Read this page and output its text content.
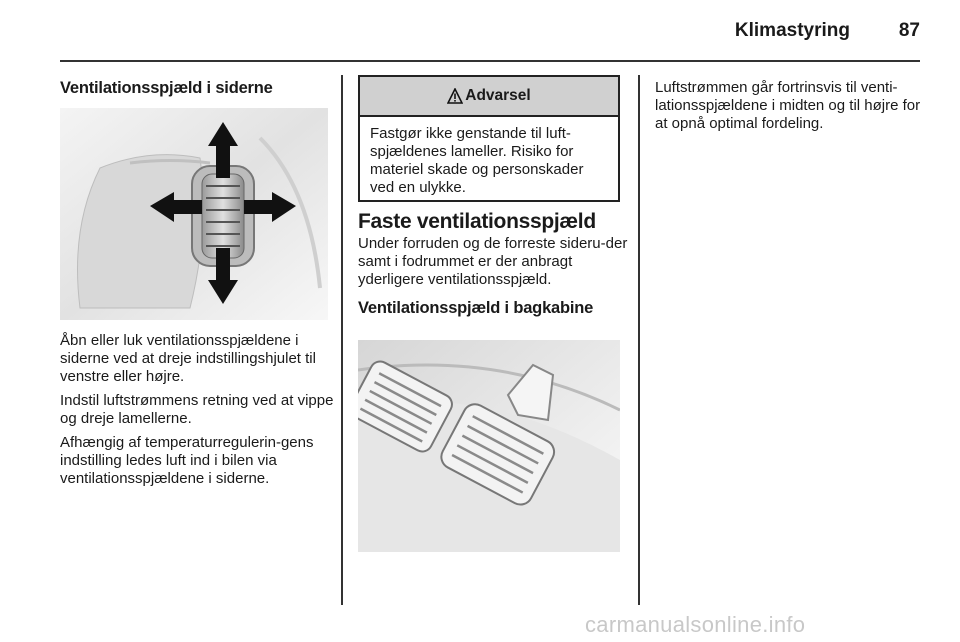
Klimastyring	87
Ventilationsspjæld i siderne

Åbn eller luk ventilationsspjældene i siderne ved at dreje indstillingshjulet til venstre eller højre.

Indstil luftstrømmens retning ved at vippe og dreje lamellerne.

Afhængig af temperaturregulerin-gens indstilling ledes luft ind i bilen via ventilationsspjældene i siderne.

Advarsel
Fastgør ikke genstande til luft-spjældenes lameller. Risiko for materiel skade og personskader ved en ulykke.
Faste ventilationsspjæld

Under forruden og de forreste sideru-der samt i fodrummet er der anbragt yderligere ventilationsspjæld.

Ventilationsspjæld i bagkabine

Luftstrømmen går fortrinsvis til venti-lationsspjældene i midten og til højre for at opnå optimal fordeling.

carmanualsonline.info
